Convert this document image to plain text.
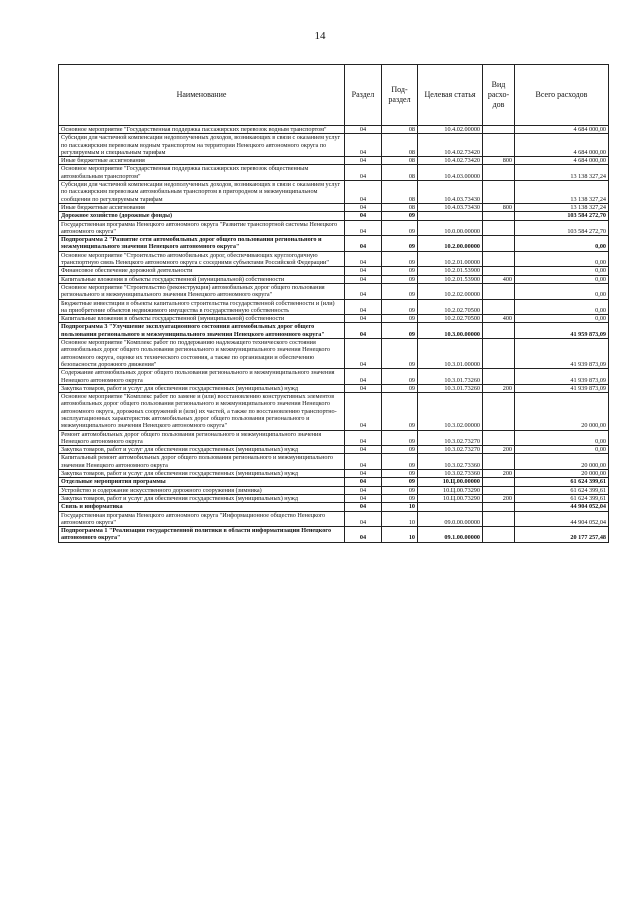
14
Наименование	Раздел	Под-раздел	Целевая статья	Вид расхо-дов	Всего расходов
Основное мероприятие "Государственная поддержка пассажирских перевозок водным транспортом"	04	08	10.4.02.00000		4 684 000,00
Субсидии для частичной компенсации недополученных доходов, возникающих в связи с оказанием услуг по пассажирским перевозкам водным транспортом на территории Ненецкого автономного округа по регулируемым и специальным тарифам	04	08	10.4.02.73420		4 684 000,00
Иные бюджетные ассигнования	04	08	10.4.02.73420	800	4 684 000,00
Основное мероприятие "Государственная поддержка пассажирских перевозок общественным автомобильным транспортом"	04	08	10.4.03.00000		13 138 327,24
Субсидии для частичной компенсации недополученных доходов, возникающих в связи с оказанием услуг по пассажирским перевозкам автомобильным транспортом в пригородном и межмуниципальном сообщении по регулируемым тарифам	04	08	10.4.03.73430		13 138 327,24
Иные бюджетные ассигнования	04	08	10.4.03.73430	800	13 138 327,24
Дорожное хозяйство (дорожные фонды)	04	09			103 584 272,70
Государственная программа Ненецкого автономного округа "Развитие транспортной системы Ненецкого автономного округа"	04	09	10.0.00.00000		103 584 272,70
Подпрограмма 2 "Развитие сети автомобильных дорог общего пользования регионального и межмуниципального значения Ненецкого автономного округа"	04	09	10.2.00.00000		0,00
Основное мероприятие "Строительство автомобильных дорог, обеспечивающих круглогодичную транспортную связь Ненецкого автономного округа с соседними субъектами Российской Федерации"	04	09	10.2.01.00000		0,00
Финансовое обеспечение дорожной деятельности	04	09	10.2.01.53900		0,00
Капитальные вложения в объекты государственной (муниципальной) собственности	04	09	10.2.01.53900	400	0,00
Основное мероприятие "Строительство (реконструкция) автомобильных дорог общего пользования регионального и межмуниципального значения Ненецкого автономного округа"	04	09	10.2.02.00000		0,00
Бюджетные инвестиции в объекты капитального строительства государственной собственности и (или) на приобретение объектов недвижимого имущества в государственную собственность	04	09	10.2.02.70500		0,00
Капитальные вложения в объекты государственной (муниципальной) собственности	04	09	10.2.02.70500	400	0,00
Подпрограмма 3 "Улучшение эксплуатационного состояния автомобильных дорог общего пользования регионального и межмуниципального значения Ненецкого автономного округа"	04	09	10.3.00.00000		41 959 873,09
Основное мероприятие "Комплекс работ по поддержанию надлежащего технического состояния автомобильных дорог общего пользования регионального и межмуниципального значения Ненецкого автономного округа, оценке их технического состояния, а также по организации и обеспечению безопасности дорожного движения"	04	09	10.3.01.00000		41 939 873,09
Содержание автомобильных дорог общего пользования регионального и межмуниципального значения Ненецкого автономного округа	04	09	10.3.01.73260		41 939 873,09
Закупка товаров, работ и услуг для обеспечения государственных (муниципальных) нужд	04	09	10.3.01.73260	200	41 939 873,09
Основное мероприятие "Комплекс работ по замене и (или) восстановлению конструктивных элементов автомобильных дорог общего пользования регионального и межмуниципального значения Ненецкого автономного округа, дорожных сооружений и (или) их частей, а также по восстановлению транспортно-эксплуатационных характеристик автомобильных дорог общего пользования регионального и межмуниципального значения Ненецкого автономного округа"	04	09	10.3.02.00000		20 000,00
Ремонт автомобильных дорог общего пользования регионального и межмуниципального значения Ненецкого автономного округа	04	09	10.3.02.73270		0,00
Закупка товаров, работ и услуг для обеспечения государственных (муниципальных) нужд	04	09	10.3.02.73270	200	0,00
Капитальный ремонт автомобильных дорог общего пользования регионального и межмуниципального значения Ненецкого автономного округа	04	09	10.3.02.73360		20 000,00
Закупка товаров, работ и услуг для обеспечения государственных (муниципальных) нужд	04	09	10.3.02.73360	200	20 000,00
Отдельные мероприятия программы	04	09	10.Ц.00.00000		61 624 399,61
Устройство и содержание искусственного дорожного сооружения (зимника)	04	09	10.Ц.00.73290		61 624 399,61
Закупка товаров, работ и услуг для обеспечения государственных (муниципальных) нужд	04	09	10.Ц.00.73290	200	61 624 399,61
Связь и информатика	04	10			44 904 052,04
Государственная программа Ненецкого автономного округа "Информационное общество Ненецкого автономного округа"	04	10	09.0.00.00000		44 904 052,04
Подпрограмма 1 "Реализация государственной политики в области информатизации Ненецкого автономного округа"	04	10	09.1.00.00000		20 177 257,48
